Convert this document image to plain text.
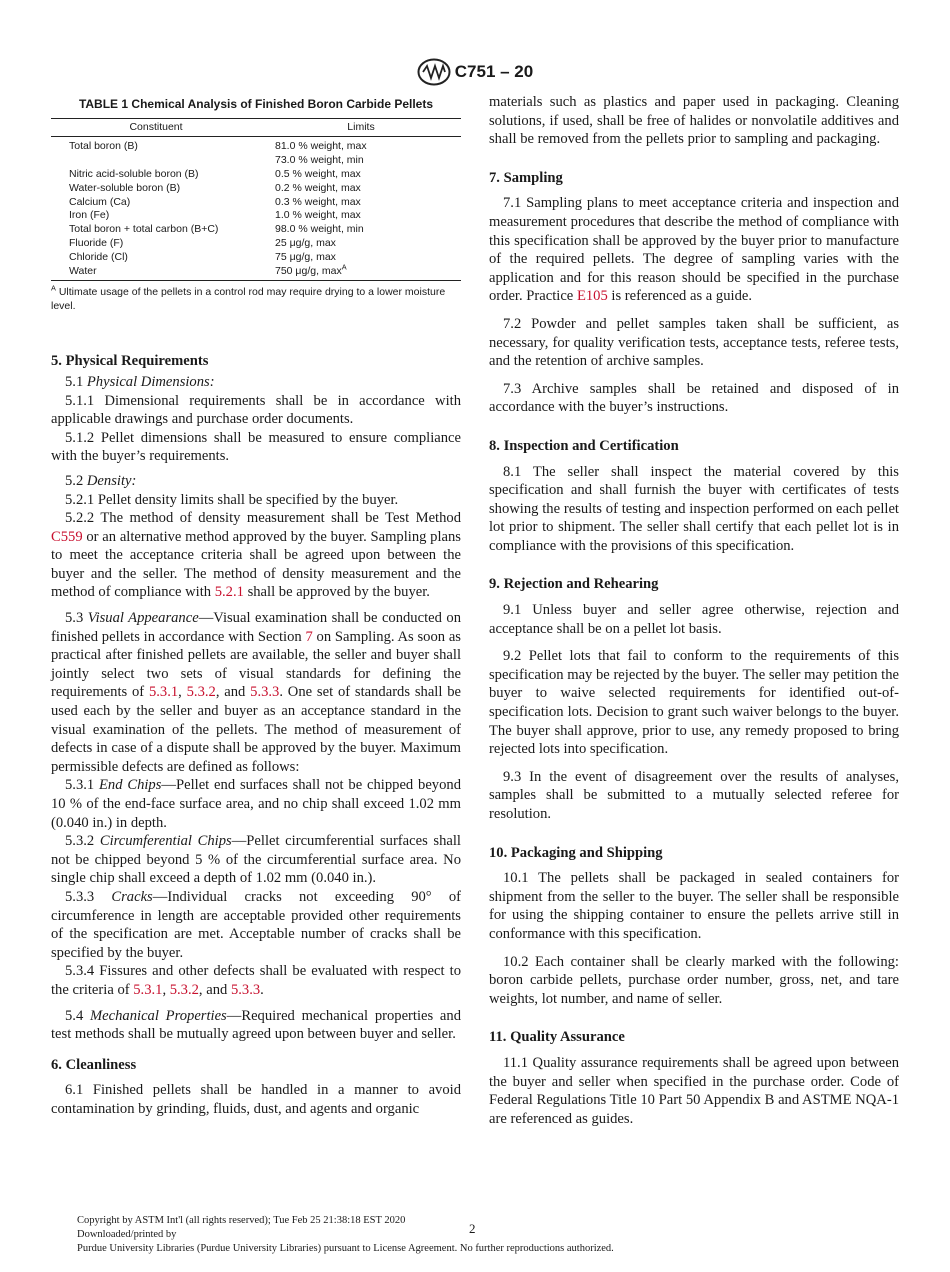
C751 – 20
TABLE 1 Chemical Analysis of Finished Boron Carbide Pellets
Constituent	Limits
Total boron (B)	81.0 % weight, max
	73.0 % weight, min
Nitric acid-soluble boron (B)	0.5 % weight, max
Water-soluble boron (B)	0.2 % weight, max
Calcium (Ca)	0.3 % weight, max
Iron (Fe)	1.0 % weight, max
Total boron + total carbon (B+C)	98.0 % weight, min
Fluoride (F)	25 μg/g, max
Chloride (Cl)	75 μg/g, max
Water	750 μg/g, $\max^A$
$^A$ Ultimate usage of the pellets in a control rod may require drying to a lower moisture level.
5. Physical Requirements

5.1 Physical Dimensions:

5.1.1 Dimensional requirements shall be in accordance with applicable drawings and purchase order documents.

5.1.2 Pellet dimensions shall be measured to ensure compliance with the buyer’s requirements.

5.2 Density:

5.2.1 Pellet density limits shall be specified by the buyer.

5.2.2 The method of density measurement shall be Test Method C559 or an alternative method approved by the buyer. Sampling plans to meet the acceptance criteria shall be agreed upon between the buyer and the seller. The method of density measurement and the method of compliance with 5.2.1 shall be approved by the buyer.

5.3 Visual Appearance—Visual examination shall be conducted on finished pellets in accordance with Section 7 on Sampling. As soon as practical after finished pellets are available, the seller and buyer shall jointly select two sets of visual standards for defining the requirements of 5.3.1, 5.3.2, and 5.3.3. One set of standards shall be used each by the seller and buyer as an acceptance standard in the visual examination of the pellets. The method of measurement of defects in case of a dispute shall be approved by the buyer. Maximum permissible defects are defined as follows:

5.3.1 End Chips—Pellet end surfaces shall not be chipped beyond 10 % of the end-face surface area, and no chip shall exceed 1.02 mm (0.040 in.) in depth.

5.3.2 Circumferential Chips—Pellet circumferential surfaces shall not be chipped beyond 5 % of the circumferential surface area. No single chip shall exceed a depth of 1.02 mm (0.040 in.).

5.3.3 Cracks—Individual cracks not exceeding 90° of circumference in length are acceptable provided other requirements of the specification are met. Acceptable number of cracks shall be specified by the buyer.

5.3.4 Fissures and other defects shall be evaluated with respect to the criteria of 5.3.1, 5.3.2, and 5.3.3.

5.4 Mechanical Properties—Required mechanical properties and test methods shall be mutually agreed upon between buyer and seller.

6. Cleanliness

6.1 Finished pellets shall be handled in a manner to avoid contamination by grinding, fluids, dust, and agents and organic

materials such as plastics and paper used in packaging. Cleaning solutions, if used, shall be free of halides or nonvolatile additives and shall be removed from the pellets prior to sampling and packaging.

7. Sampling

7.1 Sampling plans to meet acceptance criteria and inspection and measurement procedures that describe the method of compliance with this specification shall be approved by the buyer prior to manufacture of the required pellets. The degree of sampling varies with the application and for this reason should be specified in the purchase order. Practice E105 is referenced as a guide.

7.2 Powder and pellet samples taken shall be sufficient, as necessary, for quality verification tests, acceptance tests, referee tests, and the retention of archive samples.

7.3 Archive samples shall be retained and disposed of in accordance with the buyer’s instructions.

8. Inspection and Certification

8.1 The seller shall inspect the material covered by this specification and shall furnish the buyer with certificates of tests showing the results of testing and inspection performed on each pellet lot prior to shipment. The seller shall certify that each pellet lot is in compliance with the provisions of this specification.

9. Rejection and Rehearing

9.1 Unless buyer and seller agree otherwise, rejection and acceptance shall be on a pellet lot basis.

9.2 Pellet lots that fail to conform to the requirements of this specification may be rejected by the buyer. The seller may petition the buyer to waive selected requirements for identified out-of-specification lots. Decision to grant such waiver belongs to the buyer. The buyer shall approve, prior to use, any remedy proposed to bring rejected lots into specification.

9.3 In the event of disagreement over the results of analyses, samples shall be submitted to a mutually selected referee for resolution.

10. Packaging and Shipping

10.1 The pellets shall be packaged in sealed containers for shipment from the seller to the buyer. The seller shall be responsible for using the shipping container to ensure the pellets arrive still in conformance with this specification.

10.2 Each container shall be clearly marked with the following: boron carbide pellets, purchase order number, gross, net, and tare weights, lot number, and name of seller.

11. Quality Assurance

11.1 Quality assurance requirements shall be agreed upon between the buyer and seller when specified in the purchase order. Code of Federal Regulations Title 10 Part 50 Appendix B and ASTME NQA-1 are referenced as guides.

Copyright by ASTM Int'l (all rights reserved); Tue Feb 25 21:38:18 EST 2020
Downloaded/printed by
Purdue University Libraries (Purdue University Libraries) pursuant to License Agreement. No further reproductions authorized.
2
